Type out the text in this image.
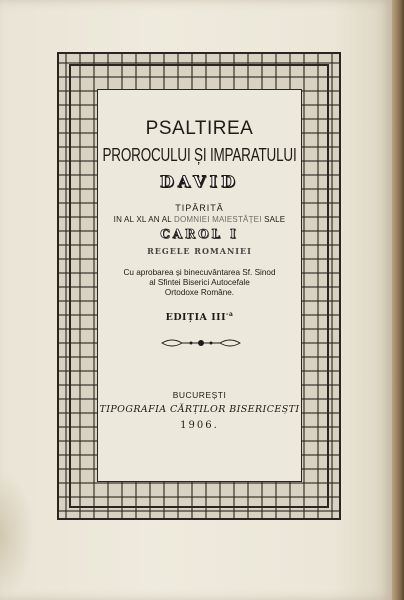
PSALTIREA
PROROCULUI ȘI IMPARATULUI
DAVID
TIPĂRITĂ
IN AL XL AN AL DOMNIEI MAIESTĂȚEI SALE
CAROL I
REGELE ROMANIEI
Cu aprobarea și binecuvântarea Sf. Sinod
al Sfintei Biserici Autocefale
Ortodoxe Române.
EDIȚIA $III^{-a}$
BUCUREȘTI
TIPOGRAFIA CĂRȚILOR BISERICEȘTI
1906.
